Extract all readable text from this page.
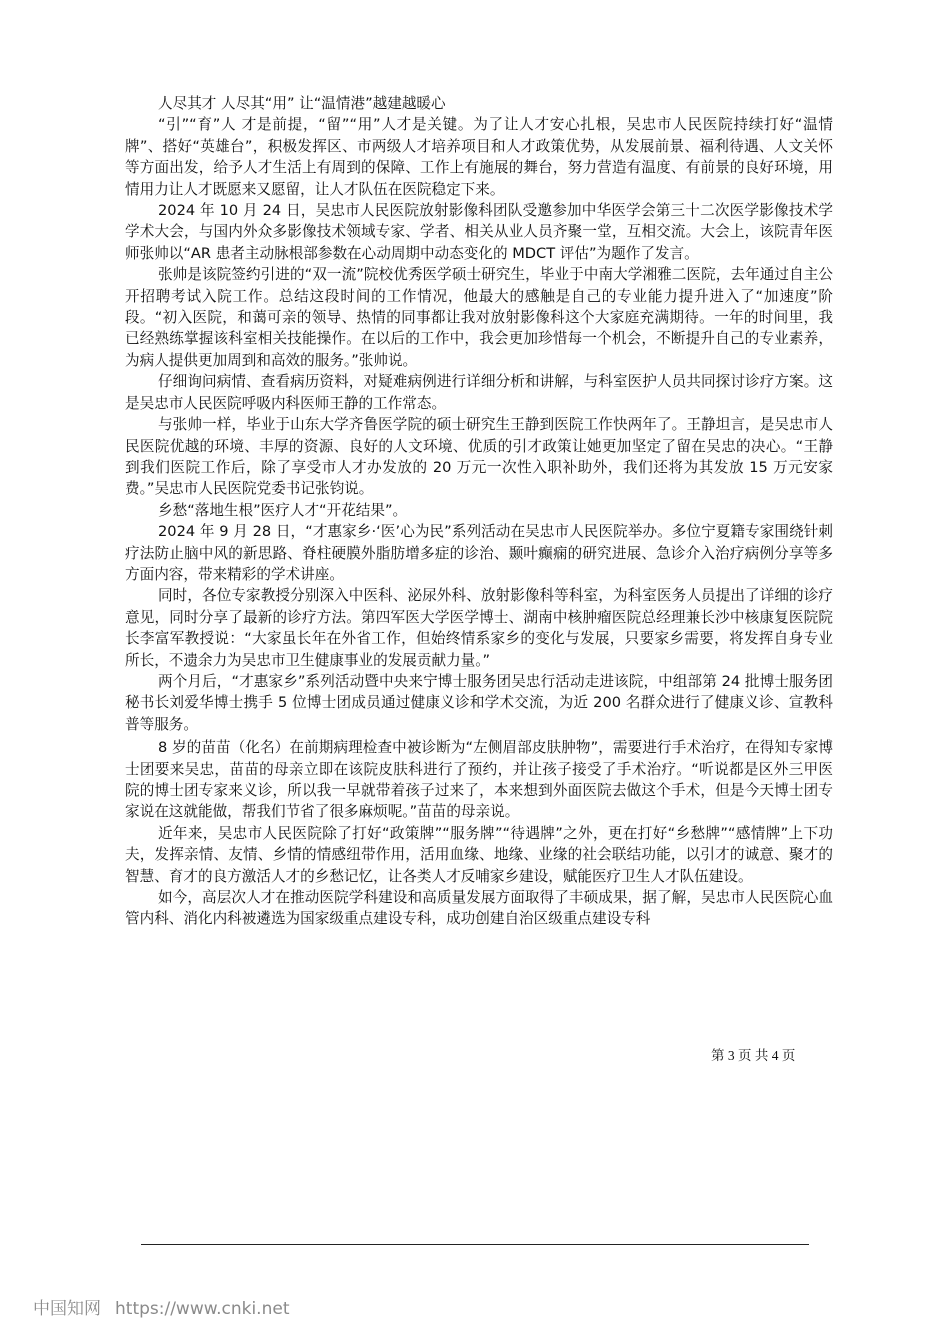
人尽其才 人尽其“用” 让“温情港”越建越暖心

“引”“育”人 才是前提，“留”“用”人才是关键。为了让人才安心扎根，吴忠市人民医院持续打好“温情牌”、搭好“英雄台”，积极发挥区、市两级人才培养项目和人才政策优势，从发展前景、福利待遇、人文关怀等方面出发，给予人才生活上有周到的保障、工作上有施展的舞台，努力营造有温度、有前景的良好环境，用情用力让人才既愿来又愿留，让人才队伍在医院稳定下来。

2024 年 10 月 24 日，吴忠市人民医院放射影像科团队受邀参加中华医学会第三十二次医学影像技术学学术大会，与国内外众多影像技术领域专家、学者、相关从业人员齐聚一堂，互相交流。大会上，该院青年医师张帅以“AR 患者主动脉根部参数在心动周期中动态变化的 MDCT 评估”为题作了发言。

张帅是该院签约引进的“双一流”院校优秀医学硕士研究生，毕业于中南大学湘雅二医院，去年通过自主公开招聘考试入院工作。总结这段时间的工作情况，他最大的感触是自己的专业能力提升进入了“加速度”阶段。“初入医院，和蔼可亲的领导、热情的同事都让我对放射影像科这个大家庭充满期待。一年的时间里，我已经熟练掌握该科室相关技能操作。在以后的工作中，我会更加珍惜每一个机会，不断提升自己的专业素养，为病人提供更加周到和高效的服务。”张帅说。

仔细询问病情、查看病历资料，对疑难病例进行详细分析和讲解，与科室医护人员共同探讨诊疗方案。这是吴忠市人民医院呼吸内科医师王静的工作常态。

与张帅一样，毕业于山东大学齐鲁医学院的硕士研究生王静到医院工作快两年了。王静坦言，是吴忠市人民医院优越的环境、丰厚的资源、良好的人文环境、优质的引才政策让她更加坚定了留在吴忠的决心。“王静到我们医院工作后，除了享受市人才办发放的 20 万元一次性入职补助外，我们还将为其发放 15 万元安家费。”吴忠市人民医院党委书记张钧说。

乡愁“落地生根”医疗人才“开花结果”。

2024 年 9 月 28 日，“才惠家乡·‘医’心为民”系列活动在吴忠市人民医院举办。多位宁夏籍专家围绕针刺疗法防止脑中风的新思路、脊柱硬膜外脂肪增多症的诊治、颞叶癫痫的研究进展、急诊介入治疗病例分享等多方面内容，带来精彩的学术讲座。

同时，各位专家教授分别深入中医科、泌尿外科、放射影像科等科室，为科室医务人员提出了详细的诊疗意见，同时分享了最新的诊疗方法。第四军医大学医学博士、湖南中核肿瘤医院总经理兼长沙中核康复医院院长李富军教授说：“大家虽长年在外省工作，但始终情系家乡的变化与发展，只要家乡需要，将发挥自身专业所长，不遗余力为吴忠市卫生健康事业的发展贡献力量。”

两个月后，“才惠家乡”系列活动暨中央来宁博士服务团吴忠行活动走进该院，中组部第 24 批博士服务团秘书长刘爱华博士携手 5 位博士团成员通过健康义诊和学术交流，为近 200 名群众进行了健康义诊、宣教科普等服务。

8 岁的苗苗（化名）在前期病理检查中被诊断为“左侧眉部皮肤肿物”，需要进行手术治疗，在得知专家博士团要来吴忠，苗苗的母亲立即在该院皮肤科进行了预约，并让孩子接受了手术治疗。“听说都是区外三甲医院的博士团专家来义诊，所以我一早就带着孩子过来了，本来想到外面医院去做这个手术，但是今天博士团专家说在这就能做，帮我们节省了很多麻烦呢。”苗苗的母亲说。

近年来，吴忠市人民医院除了打好“政策牌”“服务牌”“待遇牌”之外，更在打好“乡愁牌”“感情牌”上下功夫，发挥亲情、友情、乡情的情感纽带作用，活用血缘、地缘、业缘的社会联结功能，以引才的诚意、聚才的智慧、育才的良方激活人才的乡愁记忆，让各类人才反哺家乡建设，赋能医疗卫生人才队伍建设。

如今，高层次人才在推动医院学科建设和高质量发展方面取得了丰硕成果，据了解，吴忠市人民医院心血管内科、消化内科被遴选为国家级重点建设专科，成功创建自治区级重点建设专科

第 3 页 共 4 页
中国知网 https://www.cnki.net
